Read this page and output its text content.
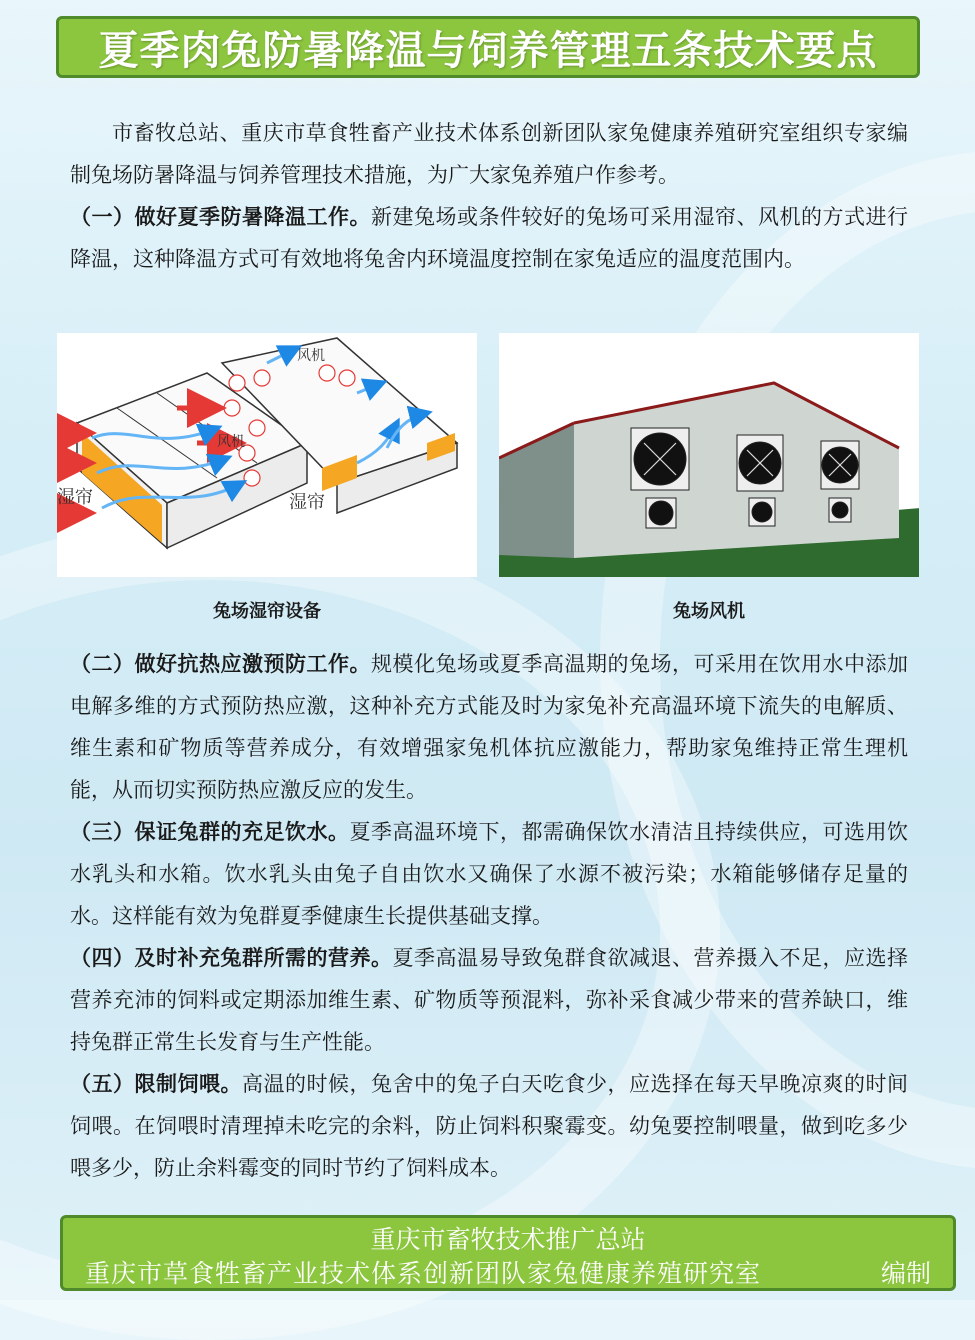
夏季肉兔防暑降温与饲养管理五条技术要点

市畜牧总站、重庆市草食牲畜产业技术体系创新团队家兔健康养殖研究室组织专家编制兔场防暑降温与饲养管理技术措施，为广大家兔养殖户作参考。

（一）做好夏季防暑降温工作。新建兔场或条件较好的兔场可采用湿帘、风机的方式进行降温，这种降温方式可有效地将兔舍内环境温度控制在家兔适应的温度范围内。

风机
风机
湿帘	湿帘
兔场湿帘设备	兔场风机

（二）做好抗热应激预防工作。规模化兔场或夏季高温期的兔场，可采用在饮用水中添加电解多维的方式预防热应激，这种补充方式能及时为家兔补充高温环境下流失的电解质、维生素和矿物质等营养成分，有效增强家兔机体抗应激能力，帮助家兔维持正常生理机能，从而切实预防热应激反应的发生。

（三）保证兔群的充足饮水。夏季高温环境下，都需确保饮水清洁且持续供应，可选用饮水乳头和水箱。饮水乳头由兔子自由饮水又确保了水源不被污染；水箱能够储存足量的水。这样能有效为兔群夏季健康生长提供基础支撑。

（四）及时补充兔群所需的营养。夏季高温易导致兔群食欲减退、营养摄入不足，应选择营养充沛的饲料或定期添加维生素、矿物质等预混料，弥补采食减少带来的营养缺口，维持兔群正常生长发育与生产性能。

（五）限制饲喂。高温的时候，兔舍中的兔子白天吃食少，应选择在每天早晚凉爽的时间饲喂。在饲喂时清理掉未吃完的余料，防止饲料积聚霉变。幼兔要控制喂量，做到吃多少喂多少，防止余料霉变的同时节约了饲料成本。

重庆市畜牧技术推广总站
重庆市草食牲畜产业技术体系创新团队家兔健康养殖研究室	编制
